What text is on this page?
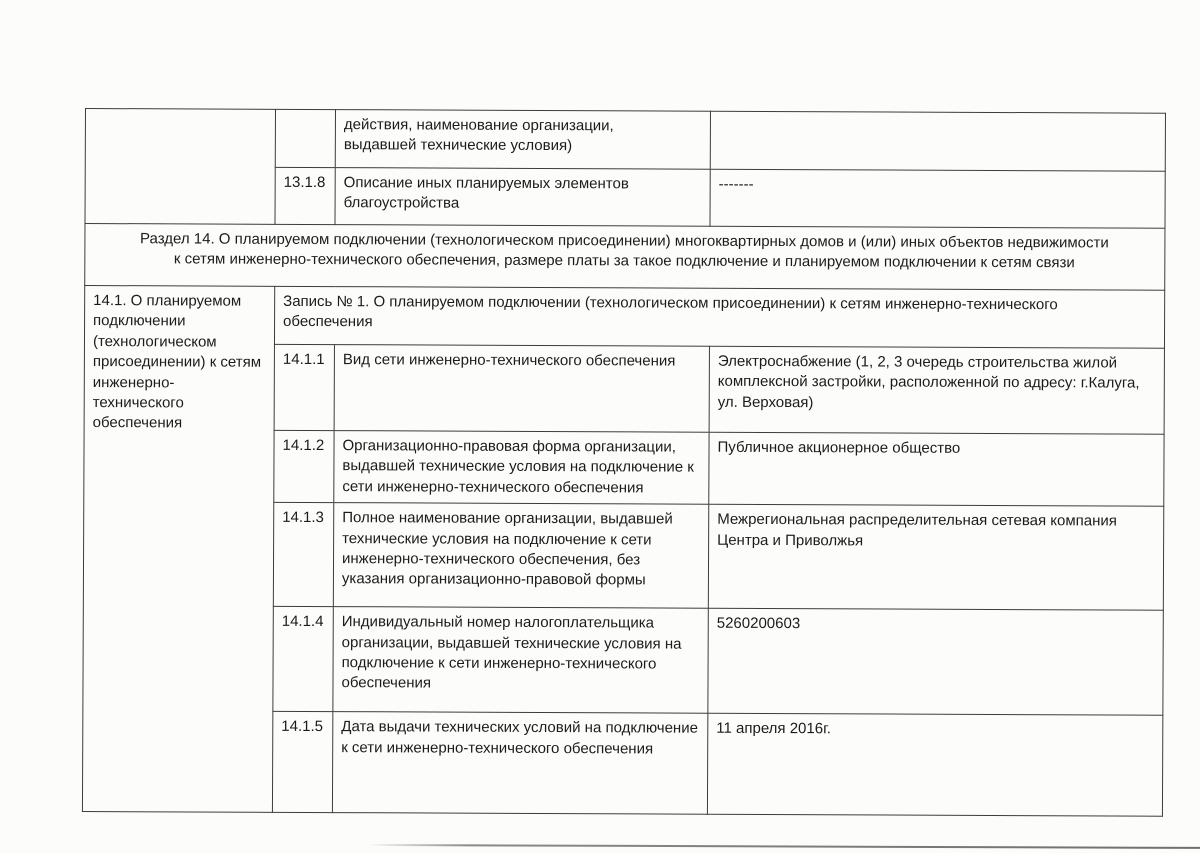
		действия, наименование организации,
выдавшей технические условия)	
	13.1.8	Описание иных планируемых элементов благоустройства	-------
Раздел 14. О планируемом подключении (технологическом присоединении) многоквартирных домов и (или) иных объектов недвижимости
к сетям инженерно-технического обеспечения, размере платы за такое подключение и планируемом подключении к сетям связи			
14.1. О планируемом подключении (технологическом присоединении) к сетям инженерно-технического обеспечения	Запись № 1. О планируемом подключении (технологическом присоединении) к сетям инженерно-технического
обеспечения		
	14.1.1	Вид сети инженерно-технического обеспечения	Электроснабжение (1, 2, 3 очередь строительства жилой комплексной застройки, расположенной по адресу: г.Калуга, ул. Верховая)
	14.1.2	Организационно-правовая форма организации, выдавшей технические условия на подключение к сети инженерно-технического обеспечения	Публичное акционерное общество
	14.1.3	Полное наименование организации, выдавшей технические условия на подключение к сети инженерно-технического обеспечения, без указания организационно-правовой формы	Межрегиональная распределительная сетевая компания Центра и Приволжья
	14.1.4	Индивидуальный номер налогоплательщика организации, выдавшей технические условия на подключение к сети инженерно-технического обеспечения	5260200603
	14.1.5	Дата выдачи технических условий на подключение к сети инженерно-технического обеспечения	11 апреля 2016г.
